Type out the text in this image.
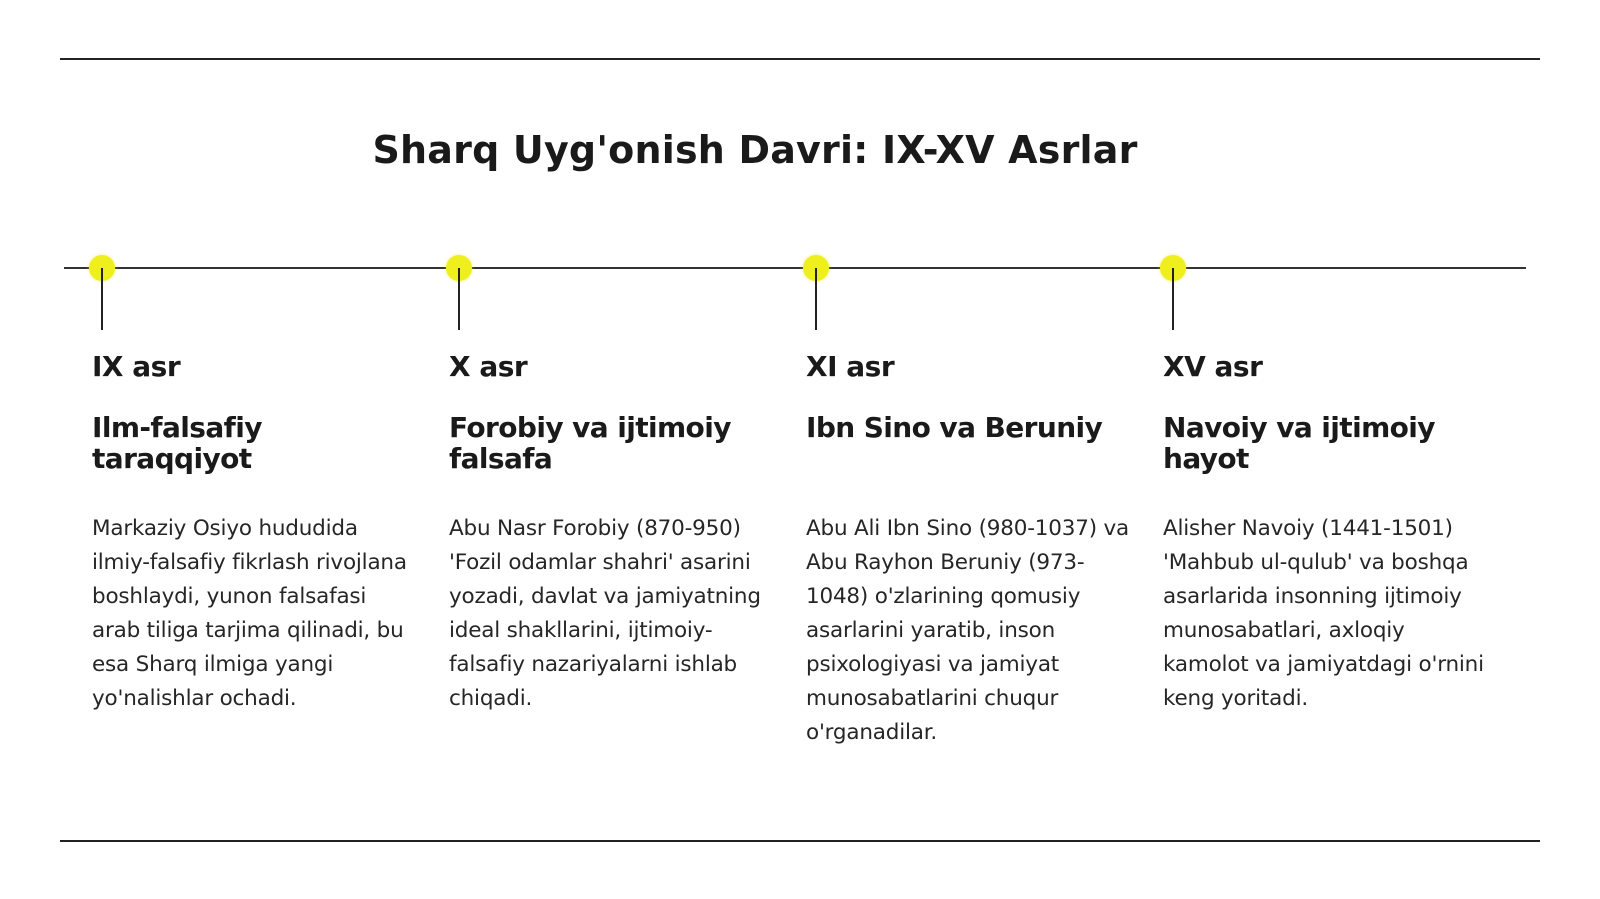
Sharq Uyg'onish Davri: IX-XV Asrlar
IX asr
Ilm-falsafiy taraqqiyot
Markaziy Osiyo hududida ilmiy-falsafiy fikrlash rivojlana boshlaydi, yunon falsafasi arab tiliga tarjima qilinadi, bu esa Sharq ilmiga yangi yo'nalishlar ochadi.
X asr
Forobiy va ijtimoiy falsafa
Abu Nasr Forobiy (870-950) 'Fozil odamlar shahri' asarini yozadi, davlat va jamiyatning ideal shakllarini, ijtimoiy-falsafiy nazariyalarni ishlab chiqadi.
XI asr
Ibn Sino va Beruniy
Abu Ali Ibn Sino (980-1037) va Abu Rayhon Beruniy (973-1048) o'zlarining qomusiy asarlarini yaratib, inson psixologiyasi va jamiyat munosabatlarini chuqur o'rganadilar.
XV asr
Navoiy va ijtimoiy hayot
Alisher Navoiy (1441-1501) 'Mahbub ul-qulub' va boshqa asarlarida insonning ijtimoiy munosabatlari, axloqiy kamolot va jamiyatdagi o'rnini keng yoritadi.
